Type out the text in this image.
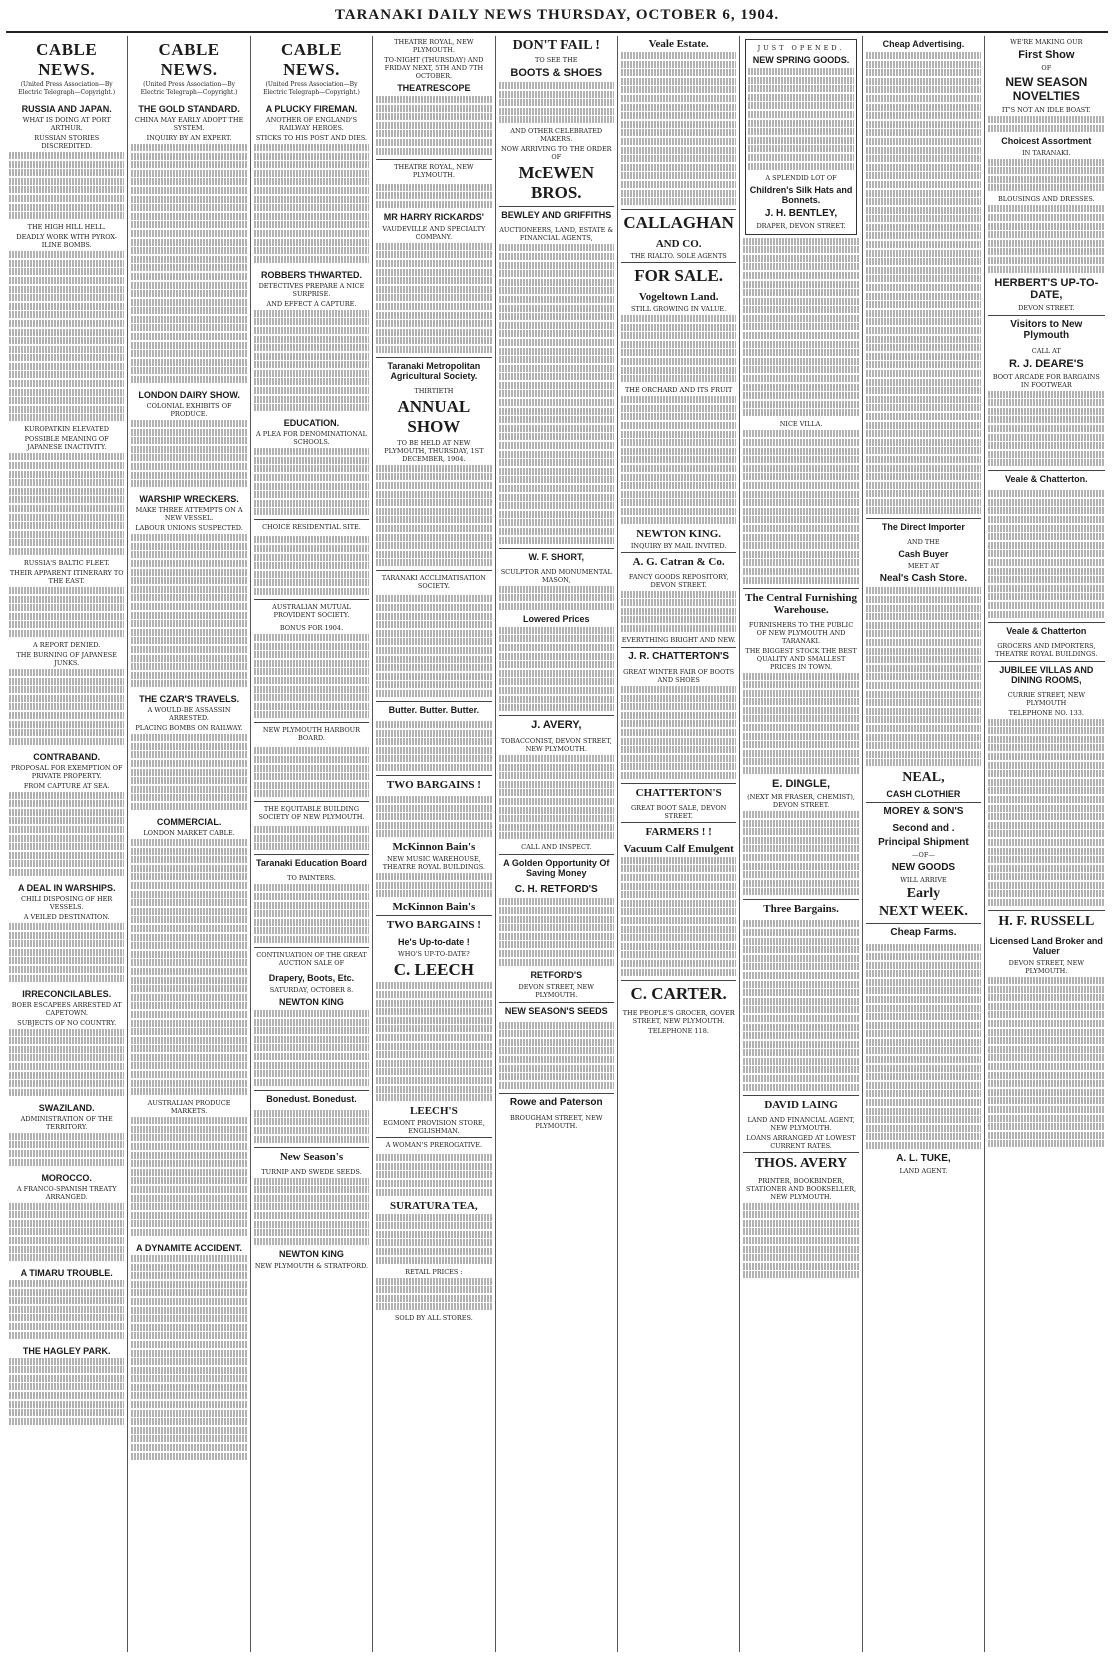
TARANAKI DAILY NEWS THURSDAY, OCTOBER 6, 1904.
CABLE NEWS.
(United Press Association—By Electric Telegraph—Copyright.)
RUSSIA AND JAPAN.
WHAT IS DOING AT PORT ARTHUR.
RUSSIAN STORIES DISCREDITED.
THE HIGH HILL HELL.
DEADLY WORK WITH PYROX-ILINE BOMBS.
KUROPATKIN ELEVATED
POSSIBLE MEANING OF JAPANESE INACTIVITY.
RUSSIA'S BALTIC FLEET.
THEIR APPARENT ITINERARY TO THE EAST.
A REPORT DENIED.
THE BURNING OF JAPANESE JUNKS.
CONTRABAND.
PROPOSAL FOR EXEMPTION OF PRIVATE PROPERTY.
FROM CAPTURE AT SEA.
A DEAL IN WARSHIPS.
CHILI DISPOSING OF HER VESSELS.
A VEILED DESTINATION.
IRRECONCILABLES.
BOER ESCAPEES ARRESTED AT CAPETOWN.
SUBJECTS OF NO COUNTRY.
SWAZILAND.
ADMINISTRATION OF THE TERRITORY.
MOROCCO.
A FRANCO-SPANISH TREATY ARRANGED.
A TIMARU TROUBLE.
THE HAGLEY PARK.
CABLE NEWS.
(United Press Association—By Electric Telegraph—Copyright.)
THE GOLD STANDARD.
CHINA MAY EARLY ADOPT THE SYSTEM.
INQUIRY BY AN EXPERT.
LONDON DAIRY SHOW.
COLONIAL EXHIBITS OF PRODUCE.
WARSHIP WRECKERS.
MAKE THREE ATTEMPTS ON A NEW VESSEL.
LABOUR UNIONS SUSPECTED.
THE CZAR'S TRAVELS.
A WOULD-BE ASSASSIN ARRESTED.
PLACING BOMBS ON RAILWAY.
COMMERCIAL.
LONDON MARKET CABLE.
AUSTRALIAN PRODUCE MARKETS.
A DYNAMITE ACCIDENT.
CABLE NEWS.
(United Press Association—By Electric Telegraph—Copyright.)
A PLUCKY FIREMAN.
ANOTHER OF ENGLAND'S RAILWAY HEROES.
STICKS TO HIS POST AND DIES.
ROBBERS THWARTED.
DETECTIVES PREPARE A NICE SURPRISE.
AND EFFECT A CAPTURE.
EDUCATION.
A PLEA FOR DENOMINATIONAL SCHOOLS.
CHOICE RESIDENTIAL SITE.
AUSTRALIAN MUTUAL PROVIDENT SOCIETY.
BONUS FOR 1904.
NEW PLYMOUTH HARBOUR BOARD.
THE EQUITABLE BUILDING SOCIETY OF NEW PLYMOUTH.
Taranaki Education Board
TO PAINTERS.
CONTINUATION OF THE GREAT AUCTION SALE OF
Drapery, Boots, Etc.
SATURDAY, OCTOBER 8.
NEWTON KING
Bonedust. Bonedust.
New Season's
TURNIP AND SWEDE SEEDS.
NEWTON KING
NEW PLYMOUTH & STRATFORD.
THEATRE ROYAL, NEW PLYMOUTH.
TO-NIGHT (THURSDAY) AND FRIDAY NEXT, 5TH AND 7TH OCTOBER.
THEATRESCOPE
THEATRE ROYAL, NEW PLYMOUTH.
MR HARRY RICKARDS'
VAUDEVILLE AND SPECIALTY COMPANY.
Taranaki Metropolitan Agricultural Society.
THIRTIETH
ANNUAL SHOW
TO BE HELD AT NEW PLYMOUTH, THURSDAY, 1ST DECEMBER, 1904.
TARANAKI ACCLIMATISATION SOCIETY.
Butter. Butter. Butter.
TWO BARGAINS !
McKinnon Bain's
NEW MUSIC WAREHOUSE, THEATRE ROYAL BUILDINGS.
McKinnon Bain's
TWO BARGAINS !
He's Up-to-date !
WHO'S UP-TO-DATE?
C. LEECH
LEECH'S
EGMONT PROVISION STORE, ENGLISHMAN.
A WOMAN'S PREROGATIVE.
SURATURA TEA,
RETAIL PRICES :
SOLD BY ALL STORES.
DON'T FAIL !
TO SEE THE
BOOTS & SHOES
AND OTHER CELEBRATED MAKERS.
NOW ARRIVING TO THE ORDER OF
McEWEN BROS.
BEWLEY AND GRIFFITHS
AUCTIONEERS, LAND, ESTATE & FINANCIAL AGENTS,
W. F. SHORT,
SCULPTOR AND MONUMENTAL MASON,
Lowered Prices
J. AVERY,
TOBACCONIST, DEVON STREET, NEW PLYMOUTH.
CALL AND INSPECT.
A Golden Opportunity Of Saving Money
C. H. RETFORD'S
RETFORD'S
DEVON STREET, NEW PLYMOUTH.
NEW SEASON'S SEEDS
Rowe and Paterson
BROUGHAM STREET, NEW PLYMOUTH.
Veale Estate.
CALLAGHAN
AND CO.
THE RIALTO. SOLE AGENTS
FOR SALE.
Vogeltown Land.
STILL GROWING IN VALUE.
THE ORCHARD AND ITS FRUIT
NEWTON KING.
INQUIRY BY MAIL INVITED.
A. G. Catran & Co.
FANCY GOODS REPOSITORY, DEVON STREET.
EVERYTHING BRIGHT AND NEW.
J. R. CHATTERTON'S
GREAT WINTER FAIR OF BOOTS AND SHOES
CHATTERTON'S
GREAT BOOT SALE, DEVON STREET.
FARMERS ! !
Vacuum Calf Emulgent
C. CARTER.
THE PEOPLE'S GROCER, GOVER STREET, NEW PLYMOUTH.
TELEPHONE 118.
JUST OPENED.
NEW SPRING GOODS.
A SPLENDID LOT OF
Children's Silk Hats and Bonnets.
J. H. BENTLEY,
DRAPER, DEVON STREET.
NICE VILLA.
The Central Furnishing Warehouse.
FURNISHERS TO THE PUBLIC OF NEW PLYMOUTH AND TARANAKI.
THE BIGGEST STOCK THE BEST QUALITY AND SMALLEST PRICES IN TOWN.
E. DINGLE,
(NEXT MR FRASER, CHEMIST), DEVON STREET.
Three Bargains.
DAVID LAING
LAND AND FINANCIAL AGENT, NEW PLYMOUTH.
LOANS ARRANGED AT LOWEST CURRENT RATES.
THOS. AVERY
PRINTER, BOOKBINDER, STATIONER AND BOOKSELLER, NEW PLYMOUTH.
Cheap Advertising.
The Direct Importer
AND THE
Cash Buyer
MEET AT
Neal's Cash Store.
NEAL,
CASH CLOTHIER
MOREY & SON'S
Second and .
Principal Shipment
—OF—
NEW GOODS
WILL ARRIVE
Early
NEXT WEEK.
Cheap Farms.
A. L. TUKE,
LAND AGENT.
WE'RE MAKING OUR
First Show
OF
NEW SEASON NOVELTIES
IT'S NOT AN IDLE BOAST.
Choicest Assortment
IN TARANAKI.
BLOUSINGS AND DRESSES.
HERBERT'S UP-TO-DATE,
DEVON STREET.
Visitors to New Plymouth
CALL AT
R. J. DEARE'S
BOOT ARCADE FOR BARGAINS IN FOOTWEAR
Veale & Chatterton.
Veale & Chatterton
GROCERS AND IMPORTERS, THEATRE ROYAL BUILDINGS.
JUBILEE VILLAS AND DINING ROOMS,
CURRIE STREET, NEW PLYMOUTH
TELEPHONE NO. 133.
H. F. RUSSELL
Licensed Land Broker and Valuer
DEVON STREET, NEW PLYMOUTH.
